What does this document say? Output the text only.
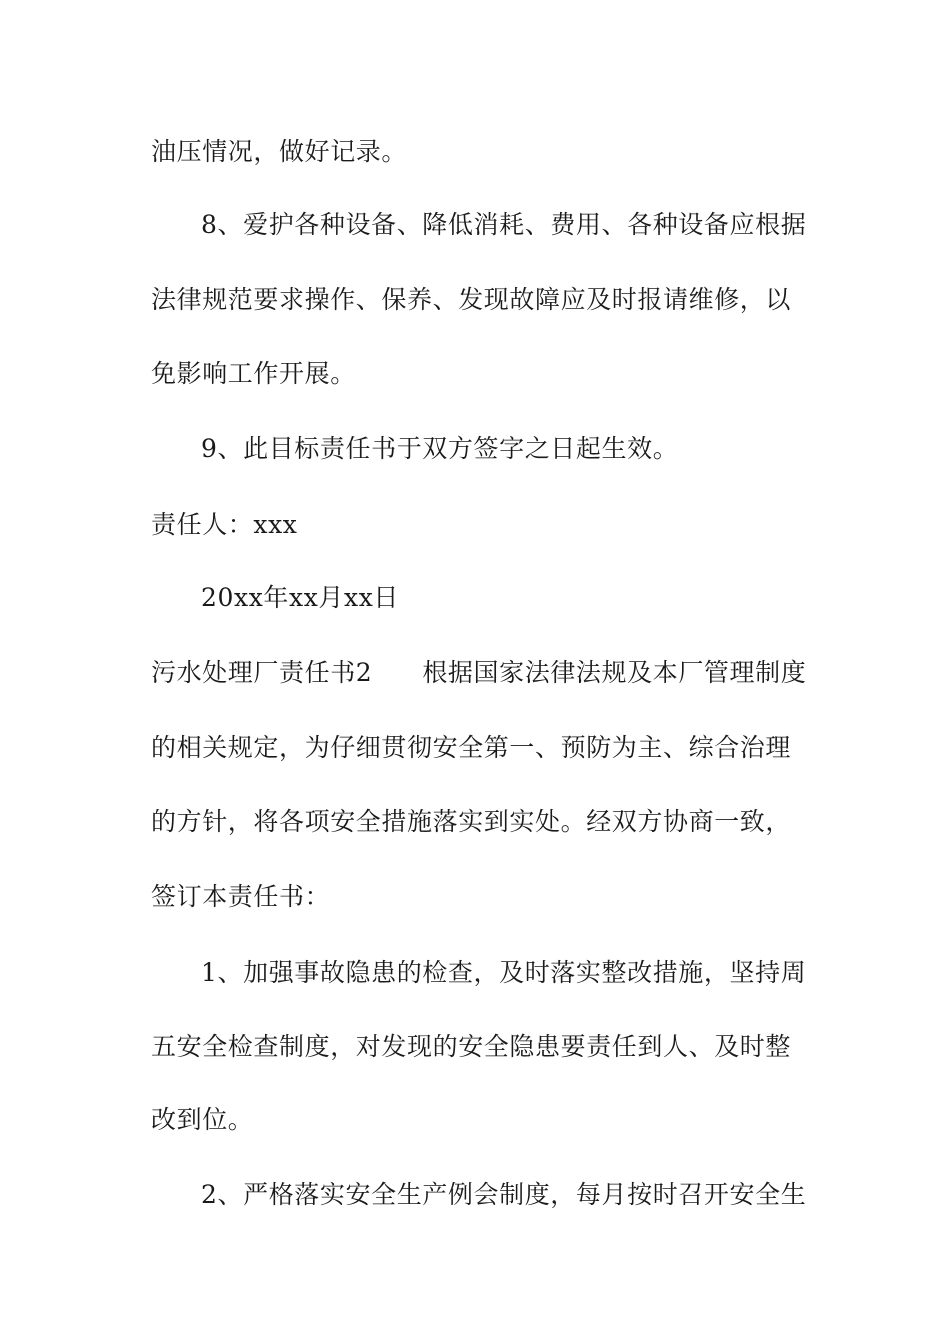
油压情况，做好记录。
8、爱护各种设备、降低消耗、费用、各种设备应根据
法律规范要求操作、保养、发现故障应及时报请维修，以
免影响工作开展。
9、此目标责任书于双方签字之日起生效。
责任人：xxx
20xx年xx月xx日
污水处理厂责任书2 根据国家法律法规及本厂管理制度
的相关规定，为仔细贯彻安全第一、预防为主、综合治理
的方针，将各项安全措施落实到实处。经双方协商一致，
签订本责任书：
1、加强事故隐患的检查，及时落实整改措施，坚持周
五安全检查制度，对发现的安全隐患要责任到人、及时整
改到位。
2、严格落实安全生产例会制度，每月按时召开安全生
